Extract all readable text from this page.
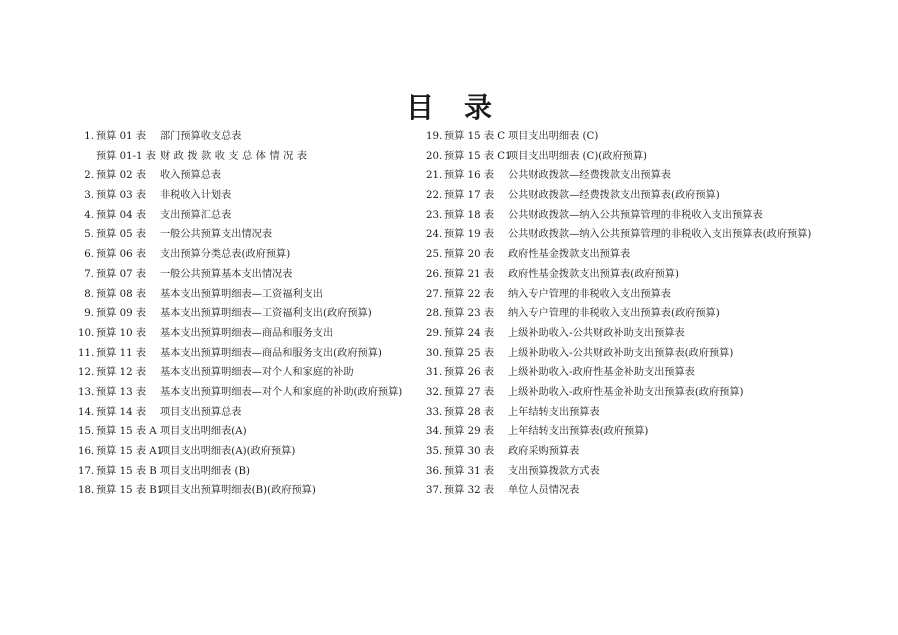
目录
1. 预算 01 表 部门预算收支总表
预算 01-1 表 财政拨款收支总体情况表
2. 预算 02 表 收入预算总表
3. 预算 03 表 非税收入计划表
4. 预算 04 表 支出预算汇总表
5. 预算 05 表 一般公共预算支出情况表
6. 预算 06 表 支出预算分类总表(政府预算)
7. 预算 07 表 一般公共预算基本支出情况表
8. 预算 08 表 基本支出预算明细表—工资福利支出
9. 预算 09 表 基本支出预算明细表—工资福利支出(政府预算)
10. 预算 10 表 基本支出预算明细表—商品和服务支出
11. 预算 11 表 基本支出预算明细表—商品和服务支出(政府预算)
12. 预算 12 表 基本支出预算明细表—对个人和家庭的补助
13. 预算 13 表 基本支出预算明细表—对个人和家庭的补助(政府预算)
14. 预算 14 表 项目支出预算总表
15. 预算 15 表 A 项目支出明细表(A)
16. 预算 15 表 A1项目支出明细表(A)(政府预算)
17. 预算 15 表 B 项目支出明细表 (B)
18. 预算 15 表 B1项目支出预算明细表(B)(政府预算)
19. 预算 15 表 C 项目支出明细表 (C)
20. 预算 15 表 C1项目支出明细表 (C)(政府预算)
21. 预算 16 表 公共财政拨款—经费拨款支出预算表
22. 预算 17 表 公共财政拨款—经费拨款支出预算表(政府预算)
23. 预算 18 表 公共财政拨款—纳入公共预算管理的非税收入支出预算表
24. 预算 19 表 公共财政拨款—纳入公共预算管理的非税收入支出预算表(政府预算)
25. 预算 20 表 政府性基金拨款支出预算表
26. 预算 21 表 政府性基金拨款支出预算表(政府预算)
27. 预算 22 表 纳入专户管理的非税收入支出预算表
28. 预算 23 表 纳入专户管理的非税收入支出预算表(政府预算)
29. 预算 24 表 上级补助收入-公共财政补助支出预算表
30. 预算 25 表 上级补助收入-公共财政补助支出预算表(政府预算)
31. 预算 26 表 上级补助收入-政府性基金补助支出预算表
32. 预算 27 表 上级补助收入-政府性基金补助支出预算表(政府预算)
33. 预算 28 表 上年结转支出预算表
34. 预算 29 表 上年结转支出预算表(政府预算)
35. 预算 30 表 政府采购预算表
36. 预算 31 表 支出预算拨款方式表
37. 预算 32 表 单位人员情况表
